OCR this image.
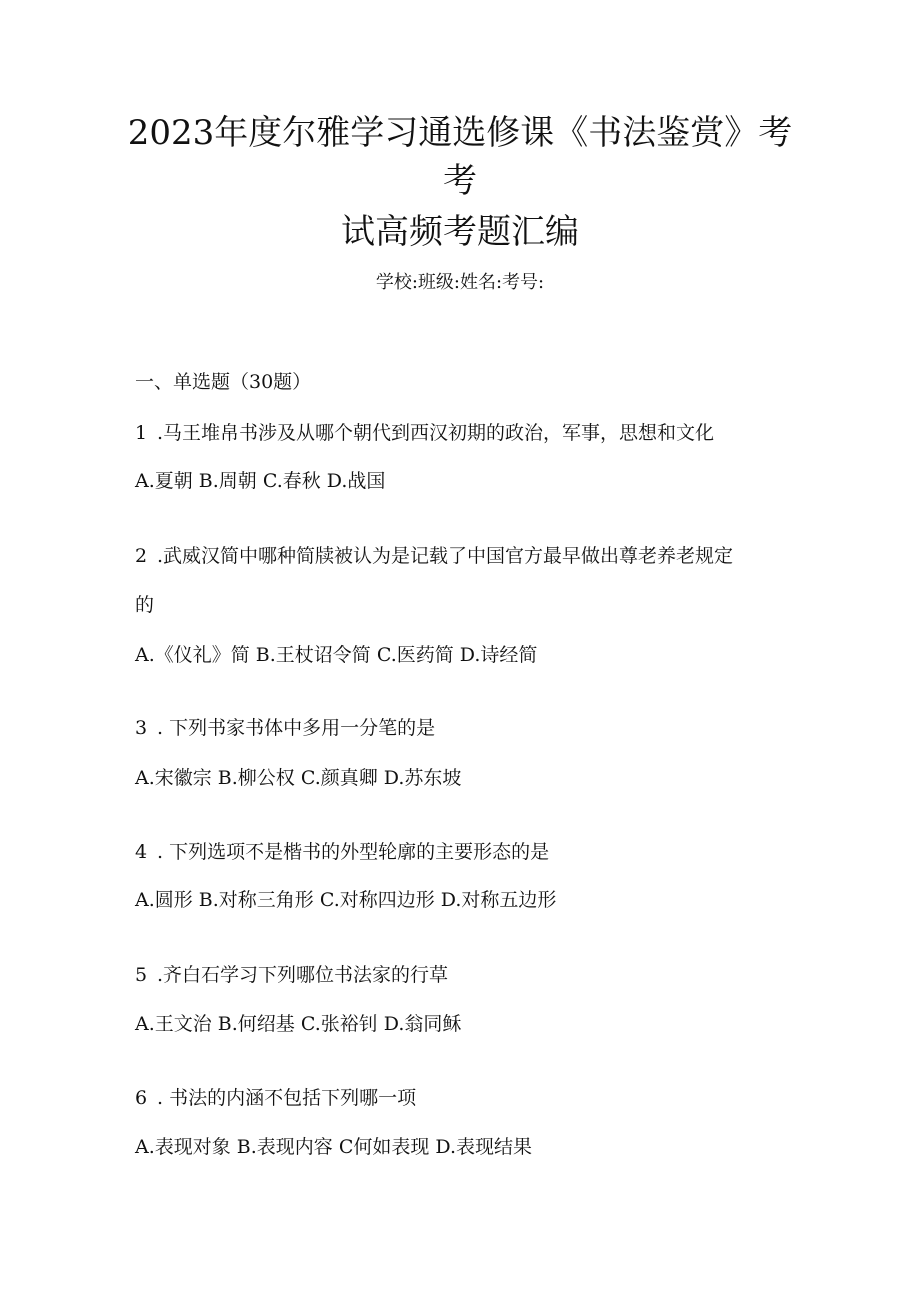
2023年度尔雅学习通选修课《书法鉴赏》考
考
试高频考题汇编
学校:班级:姓名:考号:
一、单选题（30题）
1 .马王堆帛书涉及从哪个朝代到西汉初期的政治，军事，思想和文化
A.夏朝 B.周朝 C.春秋 D.战国
2 .武威汉简中哪种简牍被认为是记载了中国官方最早做出尊老养老规定
的
A.《仪礼》简 B.王杖诏令简 C.医药简 D.诗经简
3 . 下列书家书体中多用一分笔的是
A.宋徽宗 B.柳公权 C.颜真卿 D.苏东坡
4 . 下列选项不是楷书的外型轮廓的主要形态的是
A.圆形 B.对称三角形 C.对称四边形 D.对称五边形
5 .齐白石学习下列哪位书法家的行草
A.王文治 B.何绍基 C.张裕钊 D.翁同稣
6 . 书法的内涵不包括下列哪一项
A.表现对象 B.表现内容 C何如表现 D.表现结果
